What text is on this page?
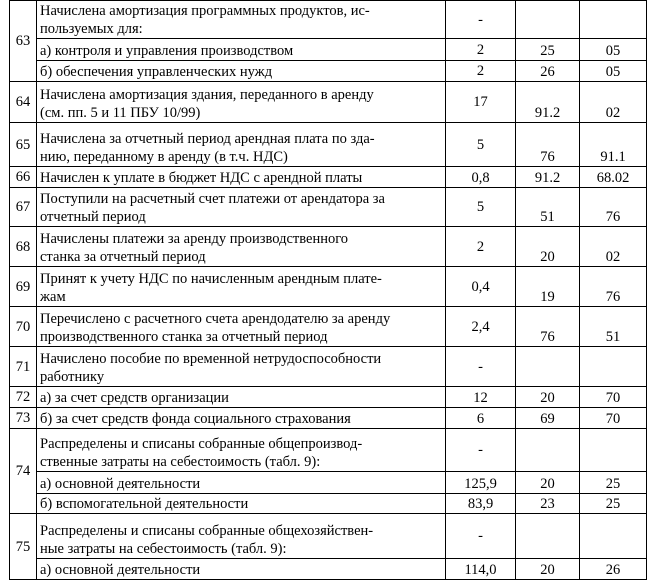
63	Начислена амортизация программных продуктов, ис-
пользуемых для:	-		
	а) контроля и управления производством	2	25	05
	б) обеспечения управленческих нужд	2	26	05
64	Начислена амортизация здания, переданного в аренду
(см. пп. 5 и 11 ПБУ 10/99)	17	91.2	02
65	Начислена за отчетный период арендная плата по зда-
нию, переданному в аренду (в т.ч. НДС)	5	76	91.1
66	Начислен к уплате в бюджет НДС с арендной платы	0,8	91.2	68.02
67	Поступили на расчетный счет платежи от арендатора за
отчетный период	5	51	76
68	Начислены платежи за аренду производственного
станка за отчетный период	2	20	02
69	Принят к учету НДС по начисленным арендным плате-
жам	0,4	19	76
70	Перечислено с расчетного счета арендодателю за аренду
производственного станка за отчетный период	2,4	76	51
71	Начислено пособие по временной нетрудоспособности
работнику	-		
72	а) за счет средств организации	12	20	70
73	б) за счет средств фонда социального страхования	6	69	70
74	Распределены и списаны собранные общепроизвод-
ственные затраты на себестоимость (табл. 9):	-		
	а) основной деятельности	125,9	20	25
	б) вспомогательной деятельности	83,9	23	25
75	Распределены и списаны собранные общехозяйствен-
ные затраты на себестоимость (табл. 9):	-		
	а) основной деятельности	114,0	20	26
